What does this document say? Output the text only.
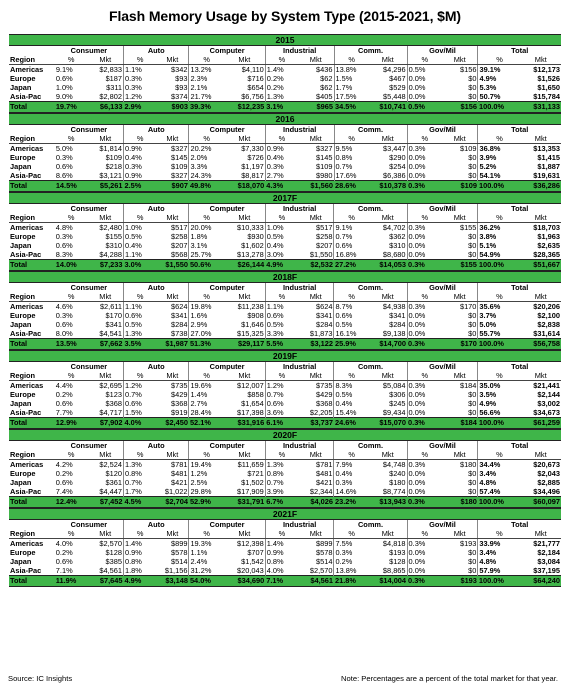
Flash Memory Usage by System Type (2015-2021, $M)
2015														
	Consumer		Auto		Computer		Industrial		Comm.		Gov/Mil		Total	
Region	%	Mkt	%	Mkt	%	Mkt	%	Mkt	%	Mkt	%	Mkt	%	Mkt
Americas	9.1%	$2,833	1.1%	$342	13.2%	$4,110	1.4%	$436	13.8%	$4,296	0.5%	$156	39.1%	$12,173
Europe	0.6%	$187	0.3%	$93	2.3%	$716	0.2%	$62	1.5%	$467	0.0%	$0	4.9%	$1,526
Japan	1.0%	$311	0.3%	$93	2.1%	$654	0.2%	$62	1.7%	$529	0.0%	$0	5.3%	$1,650
Asia-Pac	9.0%	$2,802	1.2%	$374	21.7%	$6,756	1.3%	$405	17.5%	$5,448	0.0%	$0	50.7%	$15,784
Total	19.7%	$6,133	2.9%	$903	39.3%	$12,235	3.1%	$965	34.5%	$10,741	0.5%	$156	100.0%	$31,133
2016														
	Consumer		Auto		Computer		Industrial		Comm.		Gov/Mil		Total	
Region	%	Mkt	%	Mkt	%	Mkt	%	Mkt	%	Mkt	%	Mkt	%	Mkt
Americas	5.0%	$1,814	0.9%	$327	20.2%	$7,330	0.9%	$327	9.5%	$3,447	0.3%	$109	36.8%	$13,353
Europe	0.3%	$109	0.4%	$145	2.0%	$726	0.4%	$145	0.8%	$290	0.0%	$0	3.9%	$1,415
Japan	0.6%	$218	0.3%	$109	3.3%	$1,197	0.3%	$109	0.7%	$254	0.0%	$0	5.2%	$1,887
Asia-Pac	8.6%	$3,121	0.9%	$327	24.3%	$8,817	2.7%	$980	17.6%	$6,386	0.0%	$0	54.1%	$19,631
Total	14.5%	$5,261	2.5%	$907	49.8%	$18,070	4.3%	$1,560	28.6%	$10,378	0.3%	$109	100.0%	$36,286
2017F														
	Consumer		Auto		Computer		Industrial		Comm.		Gov/Mil		Total	
Region	%	Mkt	%	Mkt	%	Mkt	%	Mkt	%	Mkt	%	Mkt	%	Mkt
Americas	4.8%	$2,480	1.0%	$517	20.0%	$10,333	1.0%	$517	9.1%	$4,702	0.3%	$155	36.2%	$18,703
Europe	0.3%	$155	0.5%	$258	1.8%	$930	0.5%	$258	0.7%	$362	0.0%	$0	3.8%	$1,963
Japan	0.6%	$310	0.4%	$207	3.1%	$1,602	0.4%	$207	0.6%	$310	0.0%	$0	5.1%	$2,635
Asia-Pac	8.3%	$4,288	1.1%	$568	25.7%	$13,278	3.0%	$1,550	16.8%	$8,680	0.0%	$0	54.9%	$28,365
Total	14.0%	$7,233	3.0%	$1,550	50.6%	$26,144	4.9%	$2,532	27.2%	$14,053	0.3%	$155	100.0%	$51,667
2018F														
	Consumer		Auto		Computer		Industrial		Comm.		Gov/Mil		Total	
Region	%	Mkt	%	Mkt	%	Mkt	%	Mkt	%	Mkt	%	Mkt	%	Mkt
Americas	4.6%	$2,611	1.1%	$624	19.8%	$11,238	1.1%	$624	8.7%	$4,938	0.3%	$170	35.6%	$20,206
Europe	0.3%	$170	0.6%	$341	1.6%	$908	0.6%	$341	0.6%	$341	0.0%	$0	3.7%	$2,100
Japan	0.6%	$341	0.5%	$284	2.9%	$1,646	0.5%	$284	0.5%	$284	0.0%	$0	5.0%	$2,838
Asia-Pac	8.0%	$4,541	1.3%	$738	27.0%	$15,325	3.3%	$1,873	16.1%	$9,138	0.0%	$0	55.7%	$31,614
Total	13.5%	$7,662	3.5%	$1,987	51.3%	$29,117	5.5%	$3,122	25.9%	$14,700	0.3%	$170	100.0%	$56,758
2019F														
	Consumer		Auto		Computer		Industrial		Comm.		Gov/Mil		Total	
Region	%	Mkt	%	Mkt	%	Mkt	%	Mkt	%	Mkt	%	Mkt	%	Mkt
Americas	4.4%	$2,695	1.2%	$735	19.6%	$12,007	1.2%	$735	8.3%	$5,084	0.3%	$184	35.0%	$21,441
Europe	0.2%	$123	0.7%	$429	1.4%	$858	0.7%	$429	0.5%	$306	0.0%	$0	3.5%	$2,144
Japan	0.6%	$368	0.6%	$368	2.7%	$1,654	0.6%	$368	0.4%	$245	0.0%	$0	4.9%	$3,002
Asia-Pac	7.7%	$4,717	1.5%	$919	28.4%	$17,398	3.6%	$2,205	15.4%	$9,434	0.0%	$0	56.6%	$34,673
Total	12.9%	$7,902	4.0%	$2,450	52.1%	$31,916	6.1%	$3,737	24.6%	$15,070	0.3%	$184	100.0%	$61,259
2020F														
	Consumer		Auto		Computer		Industrial		Comm.		Gov/Mil		Total	
Region	%	Mkt	%	Mkt	%	Mkt	%	Mkt	%	Mkt	%	Mkt	%	Mkt
Americas	4.2%	$2,524	1.3%	$781	19.4%	$11,659	1.3%	$781	7.9%	$4,748	0.3%	$180	34.4%	$20,673
Europe	0.2%	$120	0.8%	$481	1.2%	$721	0.8%	$481	0.4%	$240	0.0%	$0	3.4%	$2,043
Japan	0.6%	$361	0.7%	$421	2.5%	$1,502	0.7%	$421	0.3%	$180	0.0%	$0	4.8%	$2,885
Asia-Pac	7.4%	$4,447	1.7%	$1,022	29.8%	$17,909	3.9%	$2,344	14.6%	$8,774	0.0%	$0	57.4%	$34,496
Total	12.4%	$7,452	4.5%	$2,704	52.9%	$31,791	6.7%	$4,026	23.2%	$13,943	0.3%	$180	100.0%	$60,097
2021F														
	Consumer		Auto		Computer		Industrial		Comm.		Gov/Mil		Total	
Region	%	Mkt	%	Mkt	%	Mkt	%	Mkt	%	Mkt	%	Mkt	%	Mkt
Americas	4.0%	$2,570	1.4%	$899	19.3%	$12,398	1.4%	$899	7.5%	$4,818	0.3%	$193	33.9%	$21,777
Europe	0.2%	$128	0.9%	$578	1.1%	$707	0.9%	$578	0.3%	$193	0.0%	$0	3.4%	$2,184
Japan	0.6%	$385	0.8%	$514	2.4%	$1,542	0.8%	$514	0.2%	$128	0.0%	$0	4.8%	$3,084
Asia-Pac	7.1%	$4,561	1.8%	$1,156	31.2%	$20,043	4.0%	$2,570	13.8%	$8,865	0.0%	$0	57.9%	$37,195
Total	11.9%	$7,645	4.9%	$3,148	54.0%	$34,690	7.1%	$4,561	21.8%	$14,004	0.3%	$193	100.0%	$64,240
Source: IC Insights	Note: Percentages are a percent of the total market for that year.
